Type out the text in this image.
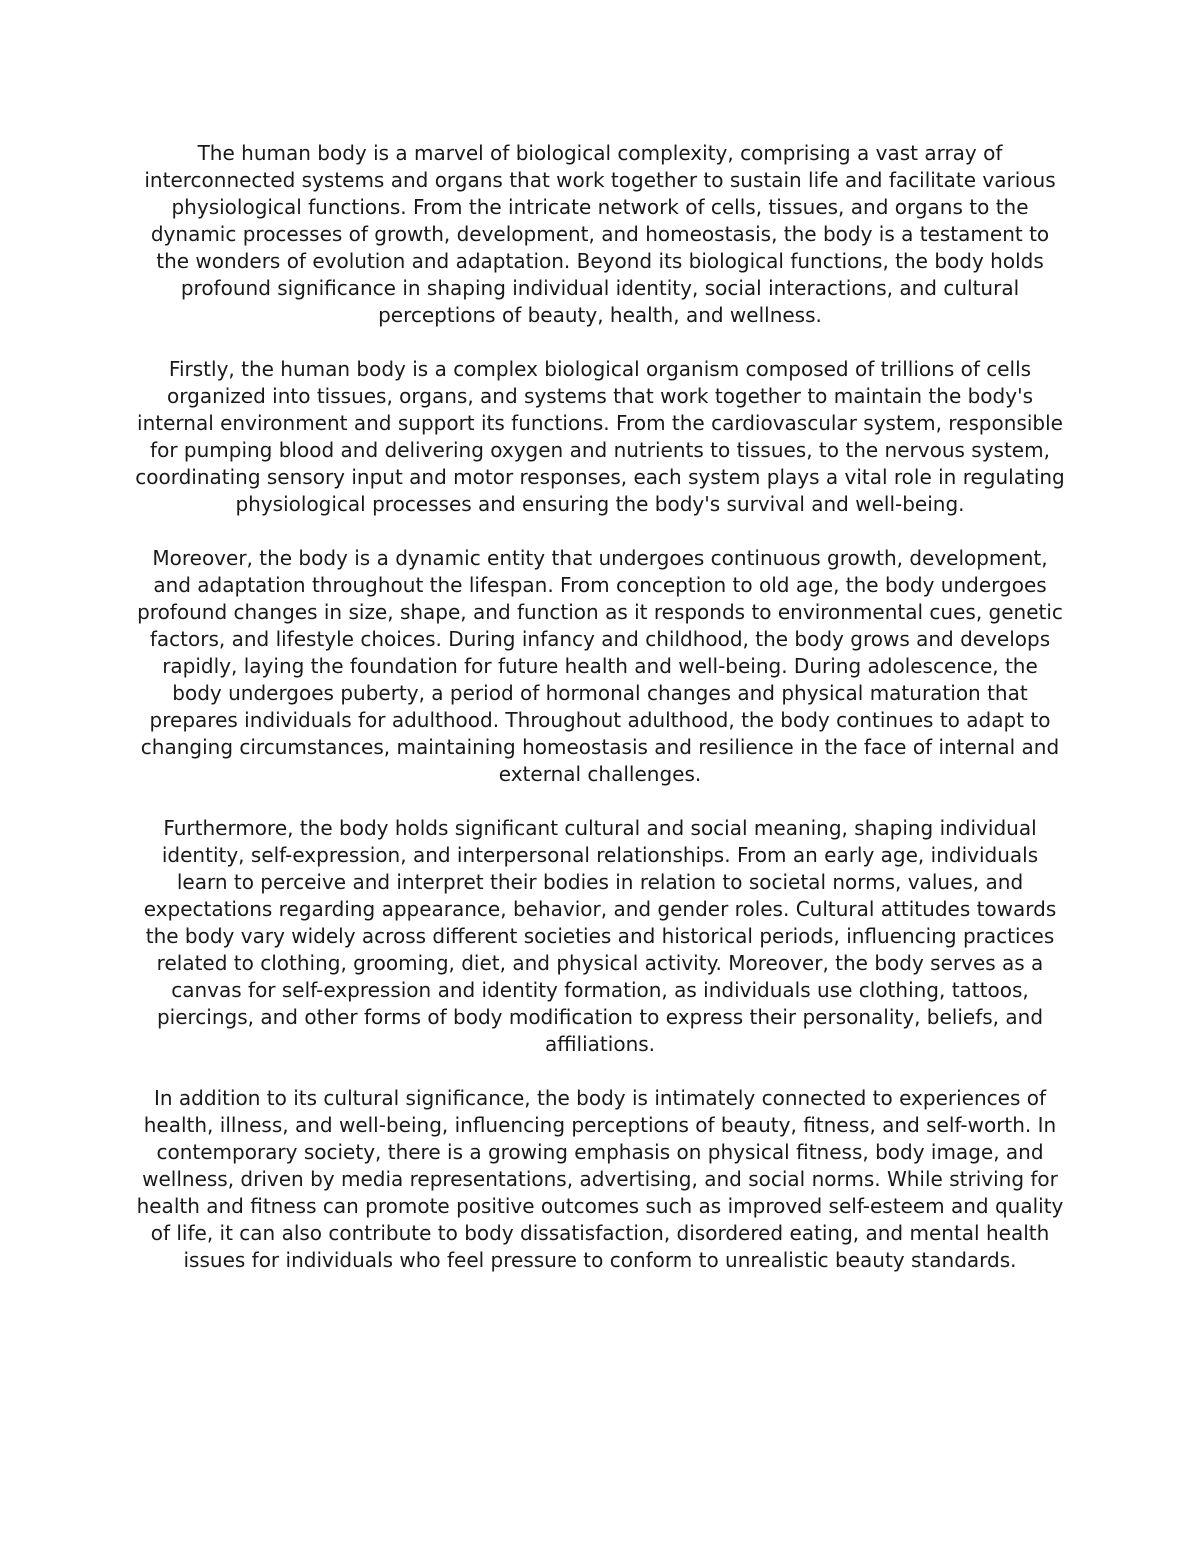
The human body is a marvel of biological complexity, comprising a vast array of interconnected systems and organs that work together to sustain life and facilitate various physiological functions. From the intricate network of cells, tissues, and organs to the dynamic processes of growth, development, and homeostasis, the body is a testament to the wonders of evolution and adaptation. Beyond its biological functions, the body holds profound significance in shaping individual identity, social interactions, and cultural perceptions of beauty, health, and wellness.

Firstly, the human body is a complex biological organism composed of trillions of cells organized into tissues, organs, and systems that work together to maintain the body's internal environment and support its functions. From the cardiovascular system, responsible for pumping blood and delivering oxygen and nutrients to tissues, to the nervous system, coordinating sensory input and motor responses, each system plays a vital role in regulating physiological processes and ensuring the body's survival and well-being.

Moreover, the body is a dynamic entity that undergoes continuous growth, development, and adaptation throughout the lifespan. From conception to old age, the body undergoes profound changes in size, shape, and function as it responds to environmental cues, genetic factors, and lifestyle choices. During infancy and childhood, the body grows and develops rapidly, laying the foundation for future health and well-being. During adolescence, the body undergoes puberty, a period of hormonal changes and physical maturation that prepares individuals for adulthood. Throughout adulthood, the body continues to adapt to changing circumstances, maintaining homeostasis and resilience in the face of internal and external challenges.

Furthermore, the body holds significant cultural and social meaning, shaping individual identity, self-expression, and interpersonal relationships. From an early age, individuals learn to perceive and interpret their bodies in relation to societal norms, values, and expectations regarding appearance, behavior, and gender roles. Cultural attitudes towards the body vary widely across different societies and historical periods, influencing practices related to clothing, grooming, diet, and physical activity. Moreover, the body serves as a canvas for self-expression and identity formation, as individuals use clothing, tattoos, piercings, and other forms of body modification to express their personality, beliefs, and affiliations.

In addition to its cultural significance, the body is intimately connected to experiences of health, illness, and well-being, influencing perceptions of beauty, fitness, and self-worth. In contemporary society, there is a growing emphasis on physical fitness, body image, and wellness, driven by media representations, advertising, and social norms. While striving for health and fitness can promote positive outcomes such as improved self-esteem and quality of life, it can also contribute to body dissatisfaction, disordered eating, and mental health issues for individuals who feel pressure to conform to unrealistic beauty standards.
